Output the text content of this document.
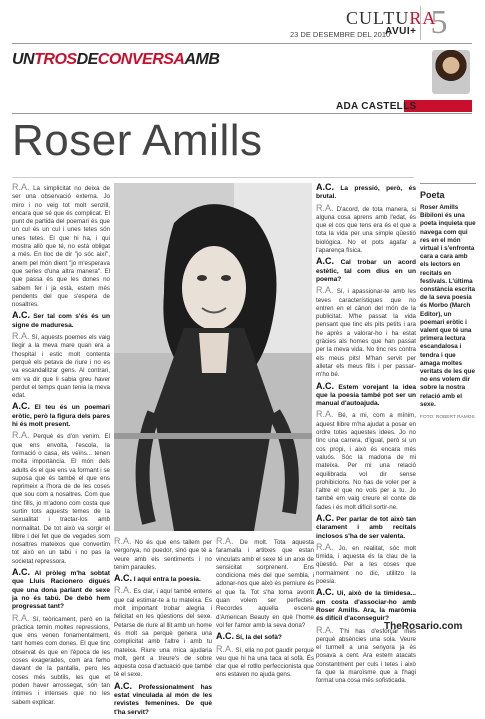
CULTURA
23 DE DESEMBRE DEL 2010
AVUI+ 5
UNTROSDECONVERSAAMB
ADA CASTELLS
Roser Amills

R.A. La simplicitat no deixa de ser una observació externa. Jo miro i no veig tot molt senzill, encara que sé que és complicat. El punt de partida del poemari és que un cul és un cul i unes tetes són unes tetes. El que hi ha, i qui mostra allò que té, no està obligat a més. En lloc de dir "jo sóc així", anem pel món dient "jo m'esperava que series d'una altra manera". El que passa és que les dones no sabem fer i ja està, estem més pendents del que s'espera de nosaltres.

A.C. Ser tal com s'és és un signe de maduresa.

R.A. Sí, aquests poemes els vaig llegir a la meva mare quan era a l'hospital i estic molt contenta perquè els petava de riure i no es va escandalitzar gens. Al contrari, em va dir que li sabia greu haver perdut el temps quan tenia la meva edat.

A.C. El teu és un poemari eròtic, però la figura dels pares hi és molt present.

R.A. Perquè és d'on venim. El que ens envolta, l'escola, la formació o casa, els veïns... tenen molta importància. El món dels adults és el que ens va formant i se suposa que és també el que ens reprimeix a l'hora de de les coses que sou com a nosaltres. Com que tinc fills, jo m'adono com costa que surtin tots aquests temes de la sexualitat i tractar-los amb normalitat. De tot això va sorgir el llibre i del fet que de vegades som nosaltres mateixos que convertim tot això en un tabú i no pas la societat repressora.

A.C. Al pròleg m'ha sobtat que Lluís Racionero digués que una dona parlant de sexe ja no és tabú. De debò hem progressat tant?

R.A. Sí, teòricament, però en la pràctica temin moltes repressions, que ens venen fonamentalment, tant homes com dones. El que tinc observat és que en l'època de les coses exagerades, com ara ferho davant de la pantalla, pero les coses més subtils, les que et poden haver arrossegat, són tan íntimes i intenses que no les sabem explicar.

R.A. No és que ens tallem per vergonya, no puedor, sinó que té a veure amb els sentiments i no tenim paraules.

A.C. I aquí entra la poesia.

R.A. Es clar, i aquí també entens que cal estimar-te a tu mateixa. Es molt important trobar alegria i felicitat en les qüestions del sexe. Petarse de riure al llit amb un home és molt sa perquè genera una complicitat amb l'altre i amb tu mateixa. Riure una mica ajudaria molt, gent a treure's de sobre aquesta cosa d'actuació que també té el sexe.

A.C. Professionalment has estat vinculada al món de les revistes femenines. De què t'ha servit?

R.A. De molt. Tota aquesta faramalla i artitxes que estan vinculats amb el sexe té un arxe de sensicitat sorprenent. Ens condiciona més del que sembla, i adonar-nos que això és perniure és el que fa. Tot s'ha torna avorrit quan volem ser perfectes. Recordes aquella escena d'American Beauty en què l'home vol fer l'amor amb la seva dona?

A.C. Sí, la del sofà?

R.A. Sí, ella no pot gaudir perquè veu que hi ha una taca al sofà. És clar que el rotllo perfeccionista que ens estaven no ajuda gens.

A.C. La pressió, però, és brutal.

R.A. D'acord, de tota manera, si alguna cosa aprens amb l'edat, és que el cos que tens era és el que a tota la vida per una simple qüestió biològica. No et pots agafar a l'aparença física.

A.C. Cal trobar un acord estètic, tal com dius en un poema?

R.A. Sí, i apassionar-te amb les teves característiques que no entren en el cànon del món de la publicitat. M'he passat la vida pensant que tinc els pits petits i ara he après a valorar-ho i ha estat gràcies als homes que han passat per la meva vida. No tinc res contra els meus pits! M'han servit per alletar els meus fills i per passar-m'ho bé.

A.C. Estem vorejant la idea que la poesia també pot ser un manual d'autoajuda.

R.A. Bé, a mi, com a mínim, aquest llibre m'ha ajudat a posar en ordre totes aquestes idees. Jo no tinc una carrera, d'igual, però sí un cos propi, i això és encara més valuós. Sóc la madona de mi mateixa. Per mi una relació equilibrada vol dir sense prohibicions. No has de voler per a l'altre el que no vols per a tu. Jo també em vaig creure el conte de fades i és molt difícil sortir-ne.

A.C. Per parlar de tot això tan clarament i amb recitals inclosos s'ha de ser valenta.

R.A. Jo, en realitat, sóc molt tímida, i aquesta és la clau de la qüestió. Per a les coses que normalment no dic, utilitzo la poesia.

A.C. Ui, això de la timidesa... em costa d'associar-ho amb Roser Amills. Ara, la maròmia és difícil d'aconseguir?

R.A. T'hi has d'esforçar més perquè absències una sola. Veure el turmell a una senyora ja és posava a cent. Ara estem atacats constantment per culs i tetes i això fa que la maroïsme que a l'hagi format una cosa més sofisticada.

Poeta
Roser Amills Bibiloni és una poeta inquieta que navega com qui res en el món virtual i s'enfronta cara a cara amb els lectors en recitals en festivals. L'última constància escrita de la seva poesia és Morbo (March Editor), un poemari eròtic i valent que té una primera lectura escandalosa i tendra i que amaga moltes veritats de les que no ens volem dir sobre la nostra relació amb el sexe.
FOTO: ROBERT RAMOS
TheRosario.com
